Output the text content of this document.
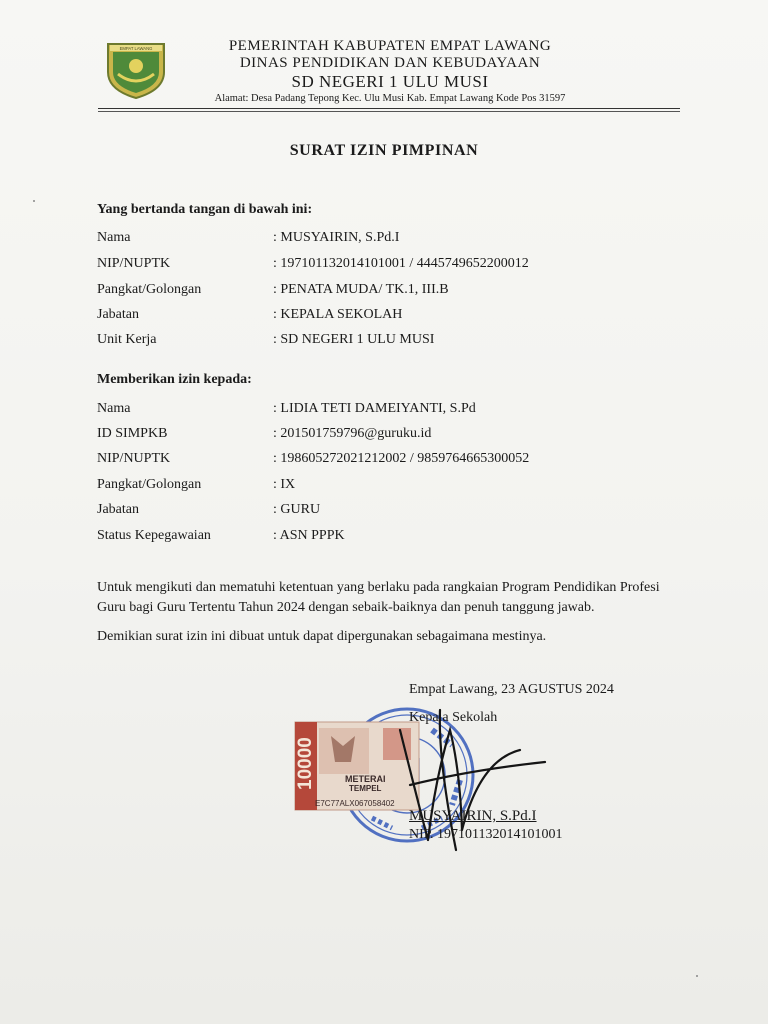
EMPAT LAWANG	PEMERINTAH KABUPATEN EMPAT LAWANG
DINAS PENDIDIKAN DAN KEBUDAYAAN
SD NEGERI 1 ULU MUSI
Alamat: Desa Padang Tepong Kec. Ulu Musi Kab. Empat Lawang Kode Pos 31597
SURAT IZIN PIMPINAN
Yang bertanda tangan di bawah ini:
Nama	: MUSYAIRIN, S.Pd.I
NIP/NUPTK	: 197101132014101001 / 4445749652200012
Pangkat/Golongan	: PENATA MUDA/ TK.1, III.B
Jabatan	: KEPALA SEKOLAH
Unit Kerja	: SD NEGERI 1 ULU MUSI
Memberikan izin kepada:
Nama	: LIDIA TETI DAMEIYANTI, S.Pd
ID SIMPKB	: 201501759796@guruku.id
NIP/NUPTK	: 198605272021212002 / 9859764665300052
Pangkat/Golongan	: IX
Jabatan	: GURU
Status Kepegawaian	: ASN PPPK
Untuk mengikuti dan mematuhi ketentuan yang berlaku pada rangkaian Program Pendidikan Profesi Guru bagi Guru Tertentu Tahun 2024 dengan sebaik-baiknya dan penuh tanggung jawab.
Demikian surat izin ini dibuat untuk dapat dipergunakan sebagaimana mestinya.
10000	METERAI
TEMPEL
E7C77ALX067058402
Empat Lawang, 23 AGUSTUS 2024
Kepala Sekolah
MUSYAIRIN, S.Pd.I
NIP. 197101132014101001
